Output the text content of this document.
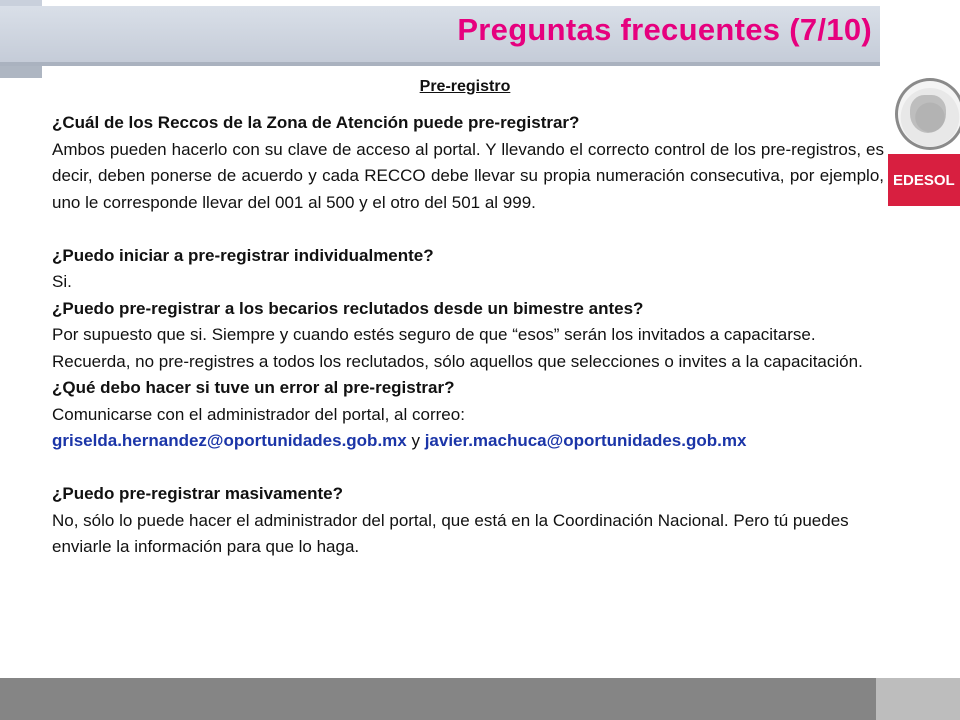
Preguntas frecuentes (7/10)
EDESOL
Pre-registro

¿Cuál de los Reccos de la Zona de Atención puede pre-registrar?

Ambos pueden hacerlo con su clave de acceso al portal. Y llevando el correcto control de los pre-registros, es decir, deben ponerse de acuerdo y cada RECCO debe llevar su propia numeración consecutiva, por ejemplo, uno le corresponde llevar del 001 al 500 y el otro del 501 al 999.

¿Puedo iniciar a pre-registrar individualmente?

Si.

¿Puedo pre-registrar a los becarios reclutados desde un bimestre antes?

Por supuesto que si. Siempre y cuando estés seguro de que “esos” serán los invitados a capacitarse. Recuerda, no pre-registres a todos los reclutados, sólo aquellos que selecciones o invites a la capacitación.

¿Qué debo hacer si tuve un error al pre-registrar?

Comunicarse con el administrador del portal, al correo:

griselda.hernandez@oportunidades.gob.mx y javier.machuca@oportunidades.gob.mx

¿Puedo pre-registrar masivamente?

No, sólo lo puede hacer el administrador del portal, que está en la Coordinación Nacional. Pero tú puedes enviarle la información para que lo haga.
